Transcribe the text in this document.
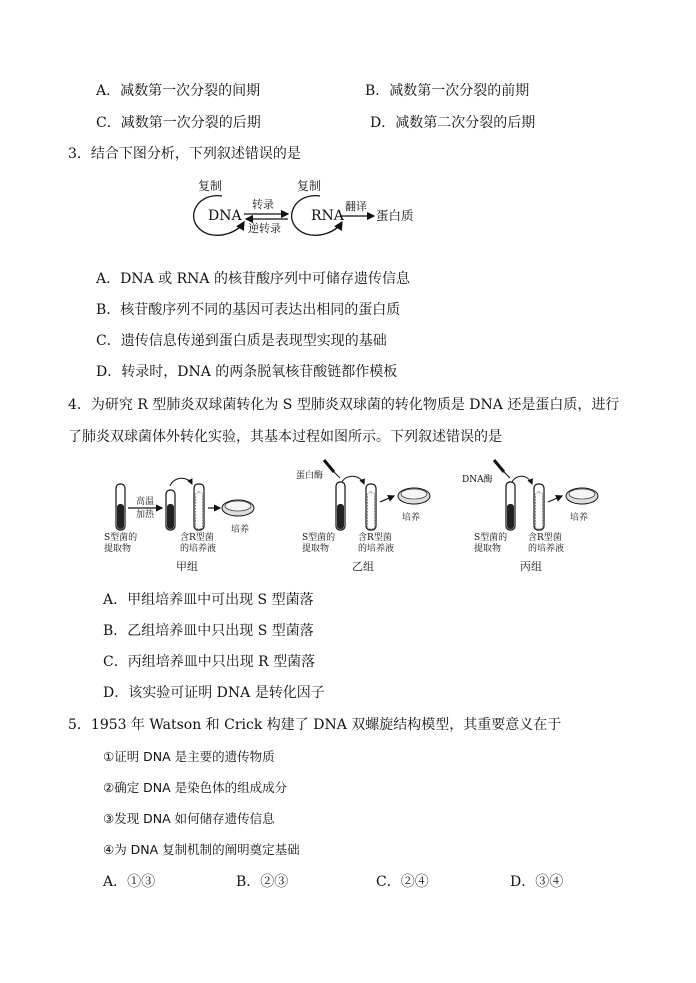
A．减数第一次分裂的间期	B．减数第一次分裂的前期
C．减数第一次分裂的后期	D．减数第二次分裂的后期
3．结合下图分析，下列叙述错误的是
复制
DNA
转录
逆转录
复制
RNA
翻译
蛋白质
A．DNA 或 RNA 的核苷酸序列中可储存遗传信息
B．核苷酸序列不同的基因可表达出相同的蛋白质
C．遗传信息传递到蛋白质是表现型实现的基础
D．转录时，DNA 的两条脱氧核苷酸链都作模板
4．为研究 R 型肺炎双球菌转化为 S 型肺炎双球菌的转化物质是 DNA 还是蛋白质，进行
了肺炎双球菌体外转化实验，其基本过程如图所示。下列叙述错误的是
高温
加热
培养
S型菌的
提取物
含R型菌
的培养液
甲组
蛋白酶
培养
S型菌的
提取物
含R型菌
的培养液
乙组
DNA酶
培养
S型菌的
提取物
含R型菌
的培养液
丙组
A．甲组培养皿中可出现 S 型菌落
B．乙组培养皿中只出现 S 型菌落
C．丙组培养皿中只出现 R 型菌落
D．该实验可证明 DNA 是转化因子
5．1953 年 Watson 和 Crick 构建了 DNA 双螺旋结构模型，其重要意义在于
①证明 DNA 是主要的遗传物质
②确定 DNA 是染色体的组成成分
③发现 DNA 如何储存遗传信息
④为 DNA 复制机制的阐明奠定基础
A．①③	B．②③	C．②④	D．③④
